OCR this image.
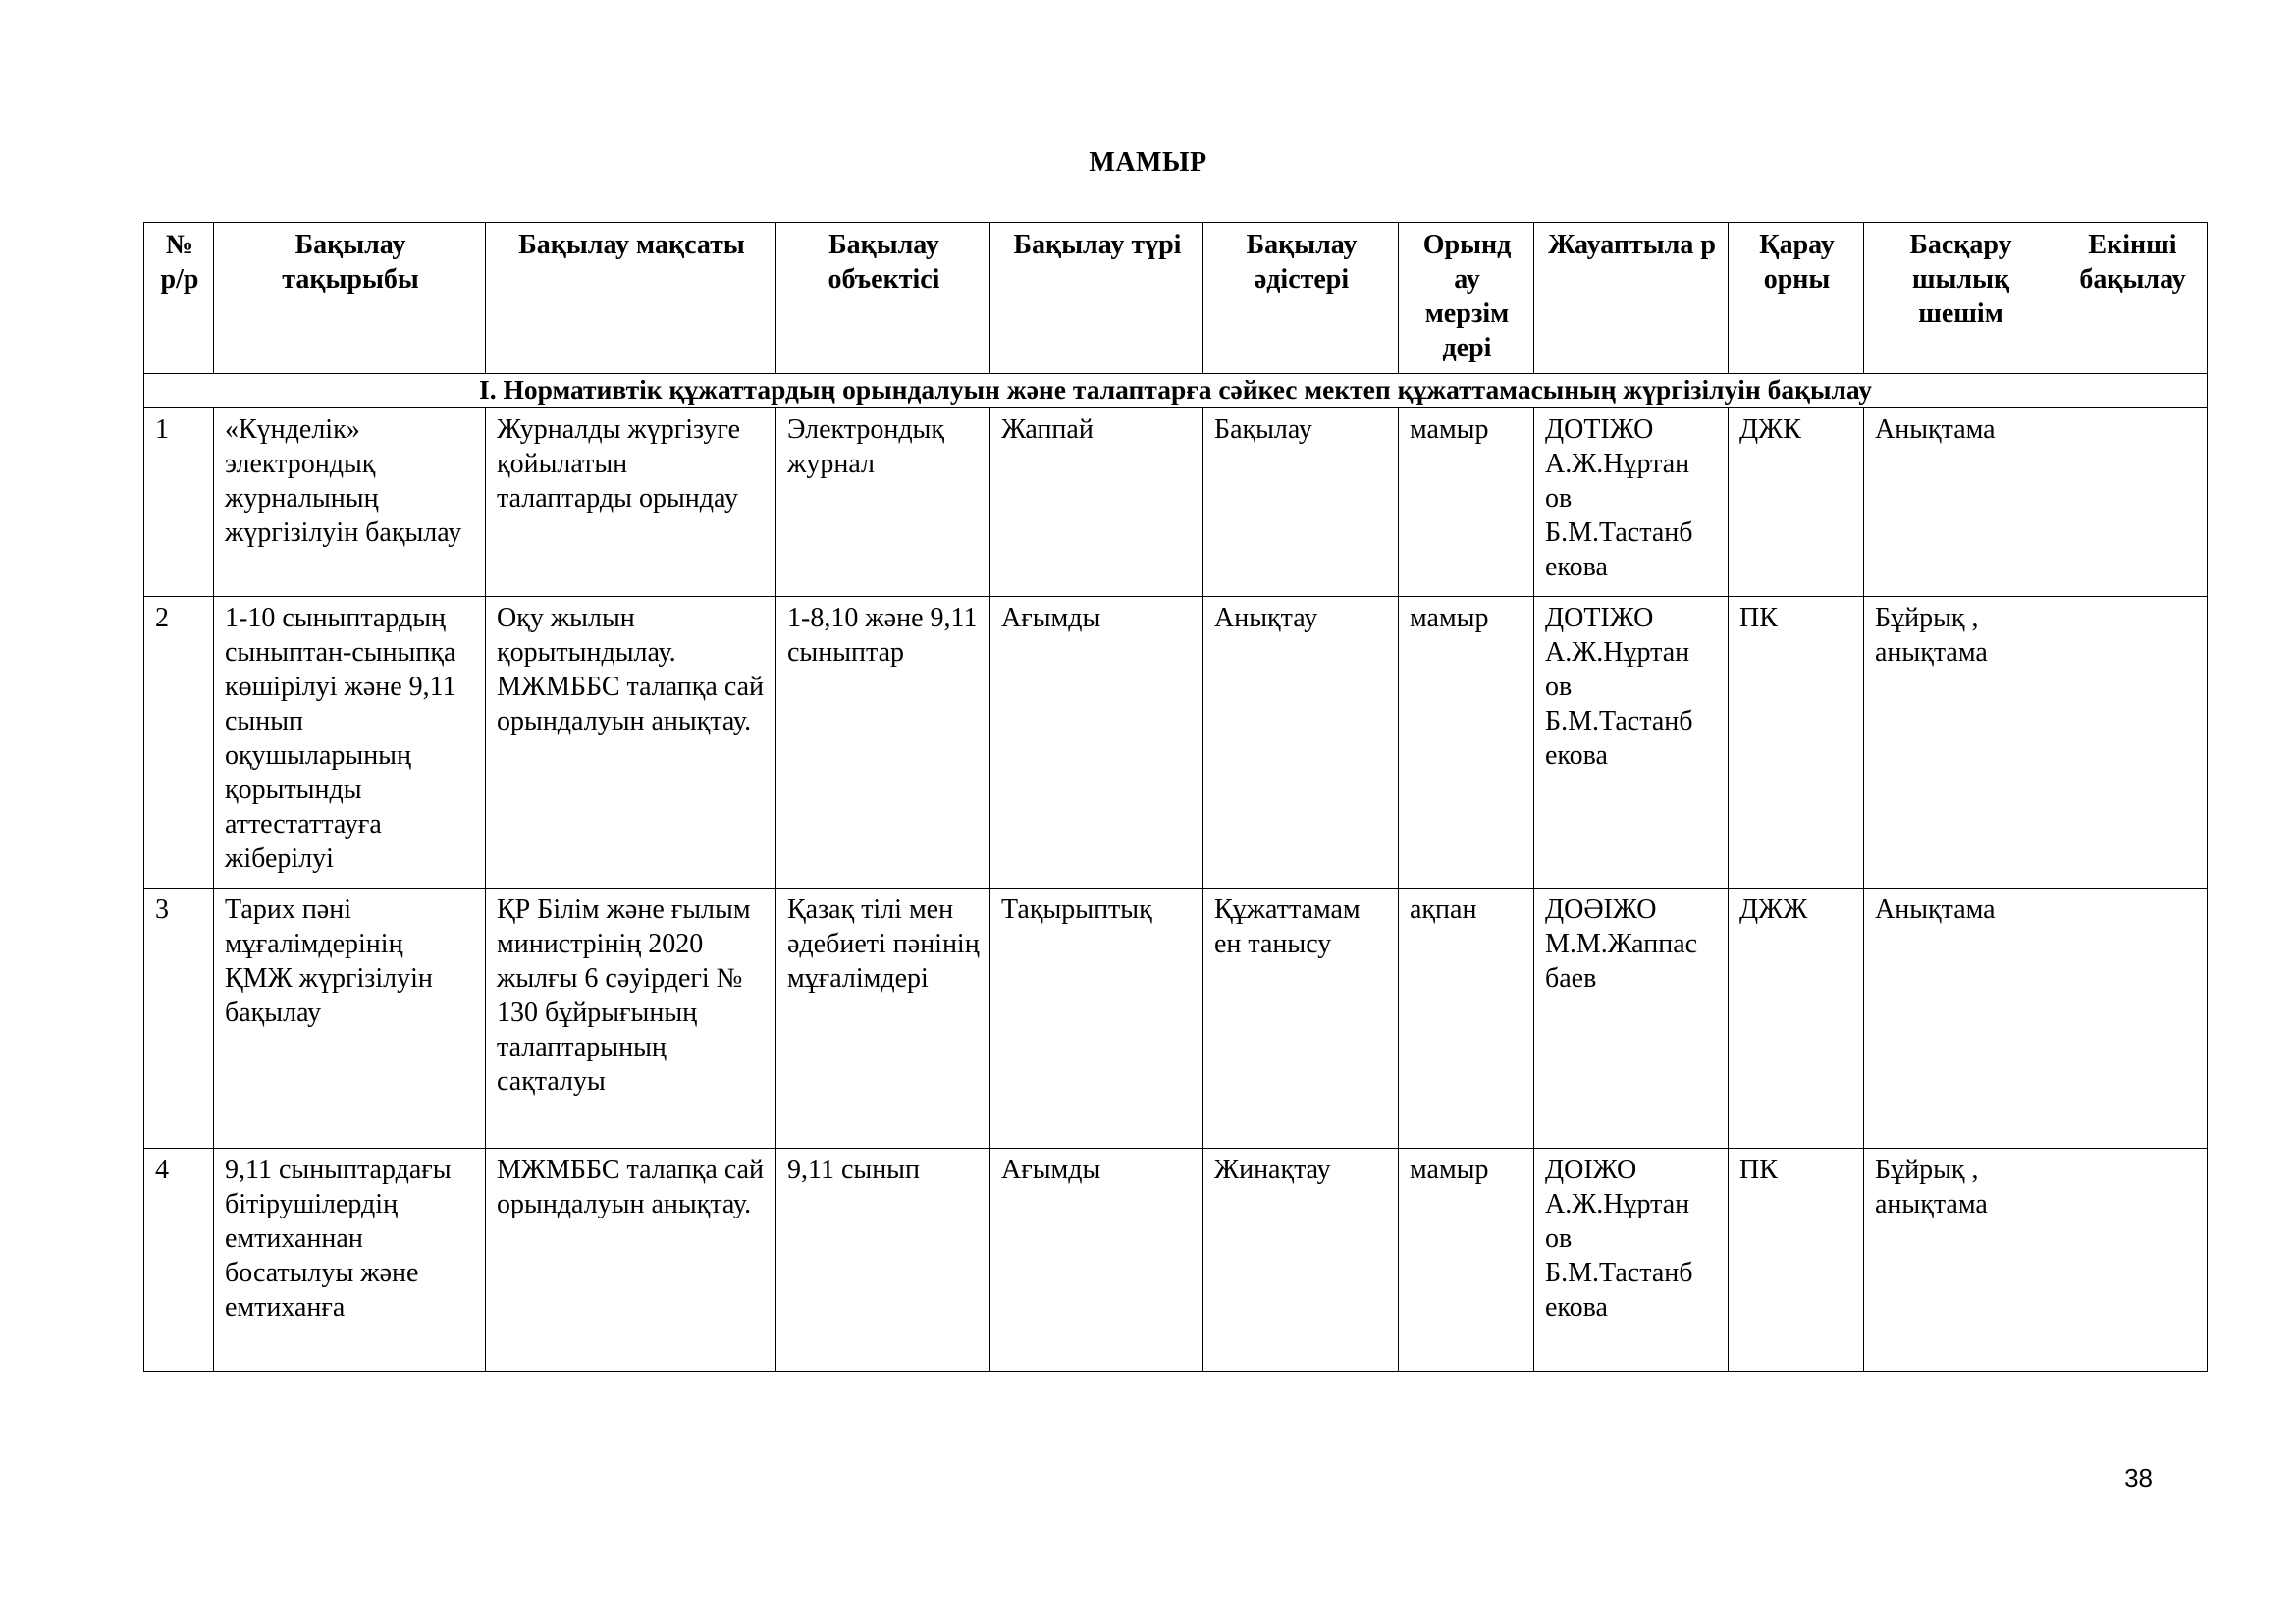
МАМЫР
№ р/р	Бақылау тақырыбы	Бақылау мақсаты	Бақылау объектісі	Бақылау түрі	Бақылау әдістері	Орынд ау мерзім дері	Жауаптыла р	Қарау орны	Басқару шылық шешім	Екінші бақылау
І. Нормативтік құжаттардың орындалуын және талаптарға сәйкес мектеп құжаттамасының жүргізілуін бақылау										
1	«Күнделік» электрондық журналының жүргізілуін бақылау	Журналды жүргізуге қойылатын талаптарды орындау	Электрондық журнал	Жаппай	Бақылау	мамыр	ДОТІЖО А.Ж.Нұртан ов Б.М.Тастанб екова	ДЖК	Анықтама	
2	1-10 сыныптардың сыныптан-сыныпқа көшірілуі және 9,11 сынып оқушыларының қорытынды аттестаттауға жіберілуі	Оқу жылын қорытындылау. МЖМББС талапқа сай орындалуын анықтау.	1-8,10 және 9,11 сыныптар	Ағымды	Анықтау	мамыр	ДОТІЖО А.Ж.Нұртан ов Б.М.Тастанб екова	ПК	Бұйрық , анықтама	
3	Тарих пәні мұғалімдерінің ҚМЖ жүргізілуін бақылау	ҚР Білім және ғылым министрінің 2020 жылғы 6 сәуірдегі № 130 бұйрығының талаптарының сақталуы	Қазақ тілі мен әдебиеті пәнінің мұғалімдері	Тақырыптық	Құжаттамам ен танысу	ақпан	ДОӘІЖО М.М.Жаппас баев	ДЖЖ	Анықтама	
4	9,11 сыныптардағы бітірушілердің емтиханнан босатылуы және емтиханға	МЖМББС талапқа сай орындалуын анықтау.	9,11 сынып	Ағымды	Жинақтау	мамыр	ДОІЖО А.Ж.Нұртан ов Б.М.Тастанб екова	ПК	Бұйрық , анықтама	
38
